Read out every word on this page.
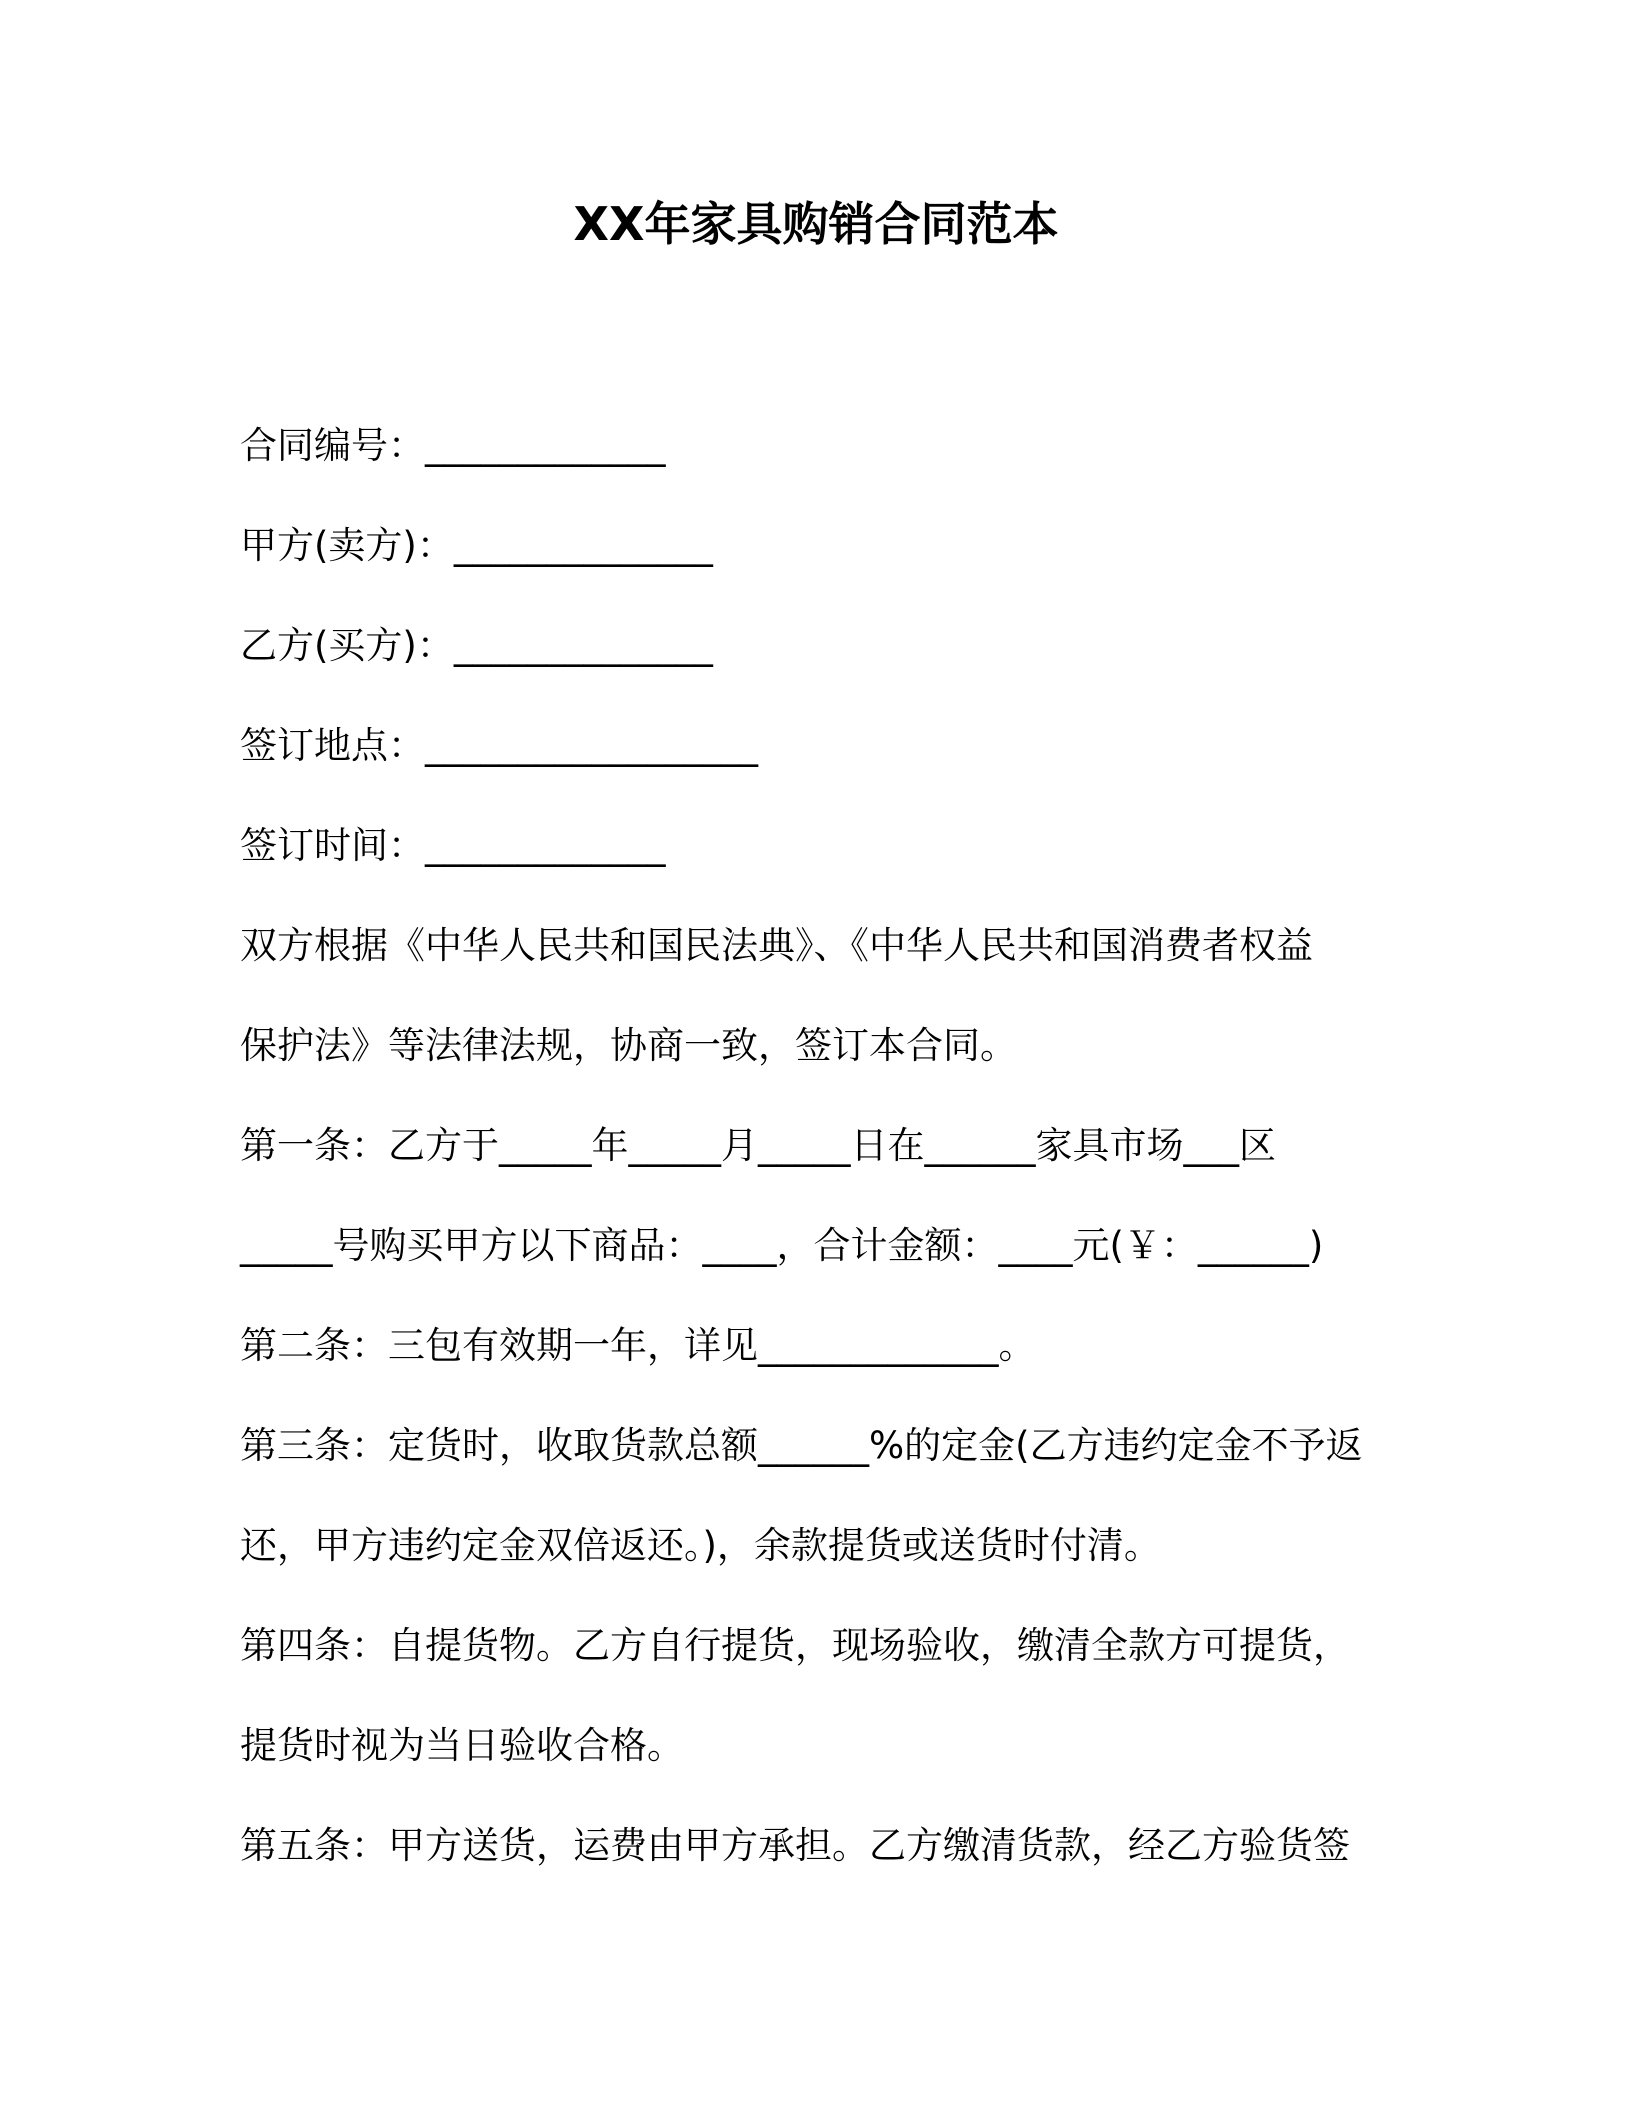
XX年家具购销合同范本
合同编号：_____________
甲方(卖方)：______________
乙方(买方)：______________
签订地点：__________________
签订时间：_____________
双方根据《中华人民共和国民法典》、《中华人民共和国消费者权益
保护法》等法律法规，协商一致，签订本合同。
第一条：乙方于_____年_____月_____日在______家具市场___区
_____号购买甲方以下商品：____，合计金额：____元(￥：______)
第二条：三包有效期一年，详见_____________。
第三条：定货时，收取货款总额______%的定金(乙方违约定金不予返
还，甲方违约定金双倍返还。)，余款提货或送货时付清。
第四条：自提货物。乙方自行提货，现场验收，缴清全款方可提货，
提货时视为当日验收合格。
第五条：甲方送货，运费由甲方承担。乙方缴清货款，经乙方验货签
